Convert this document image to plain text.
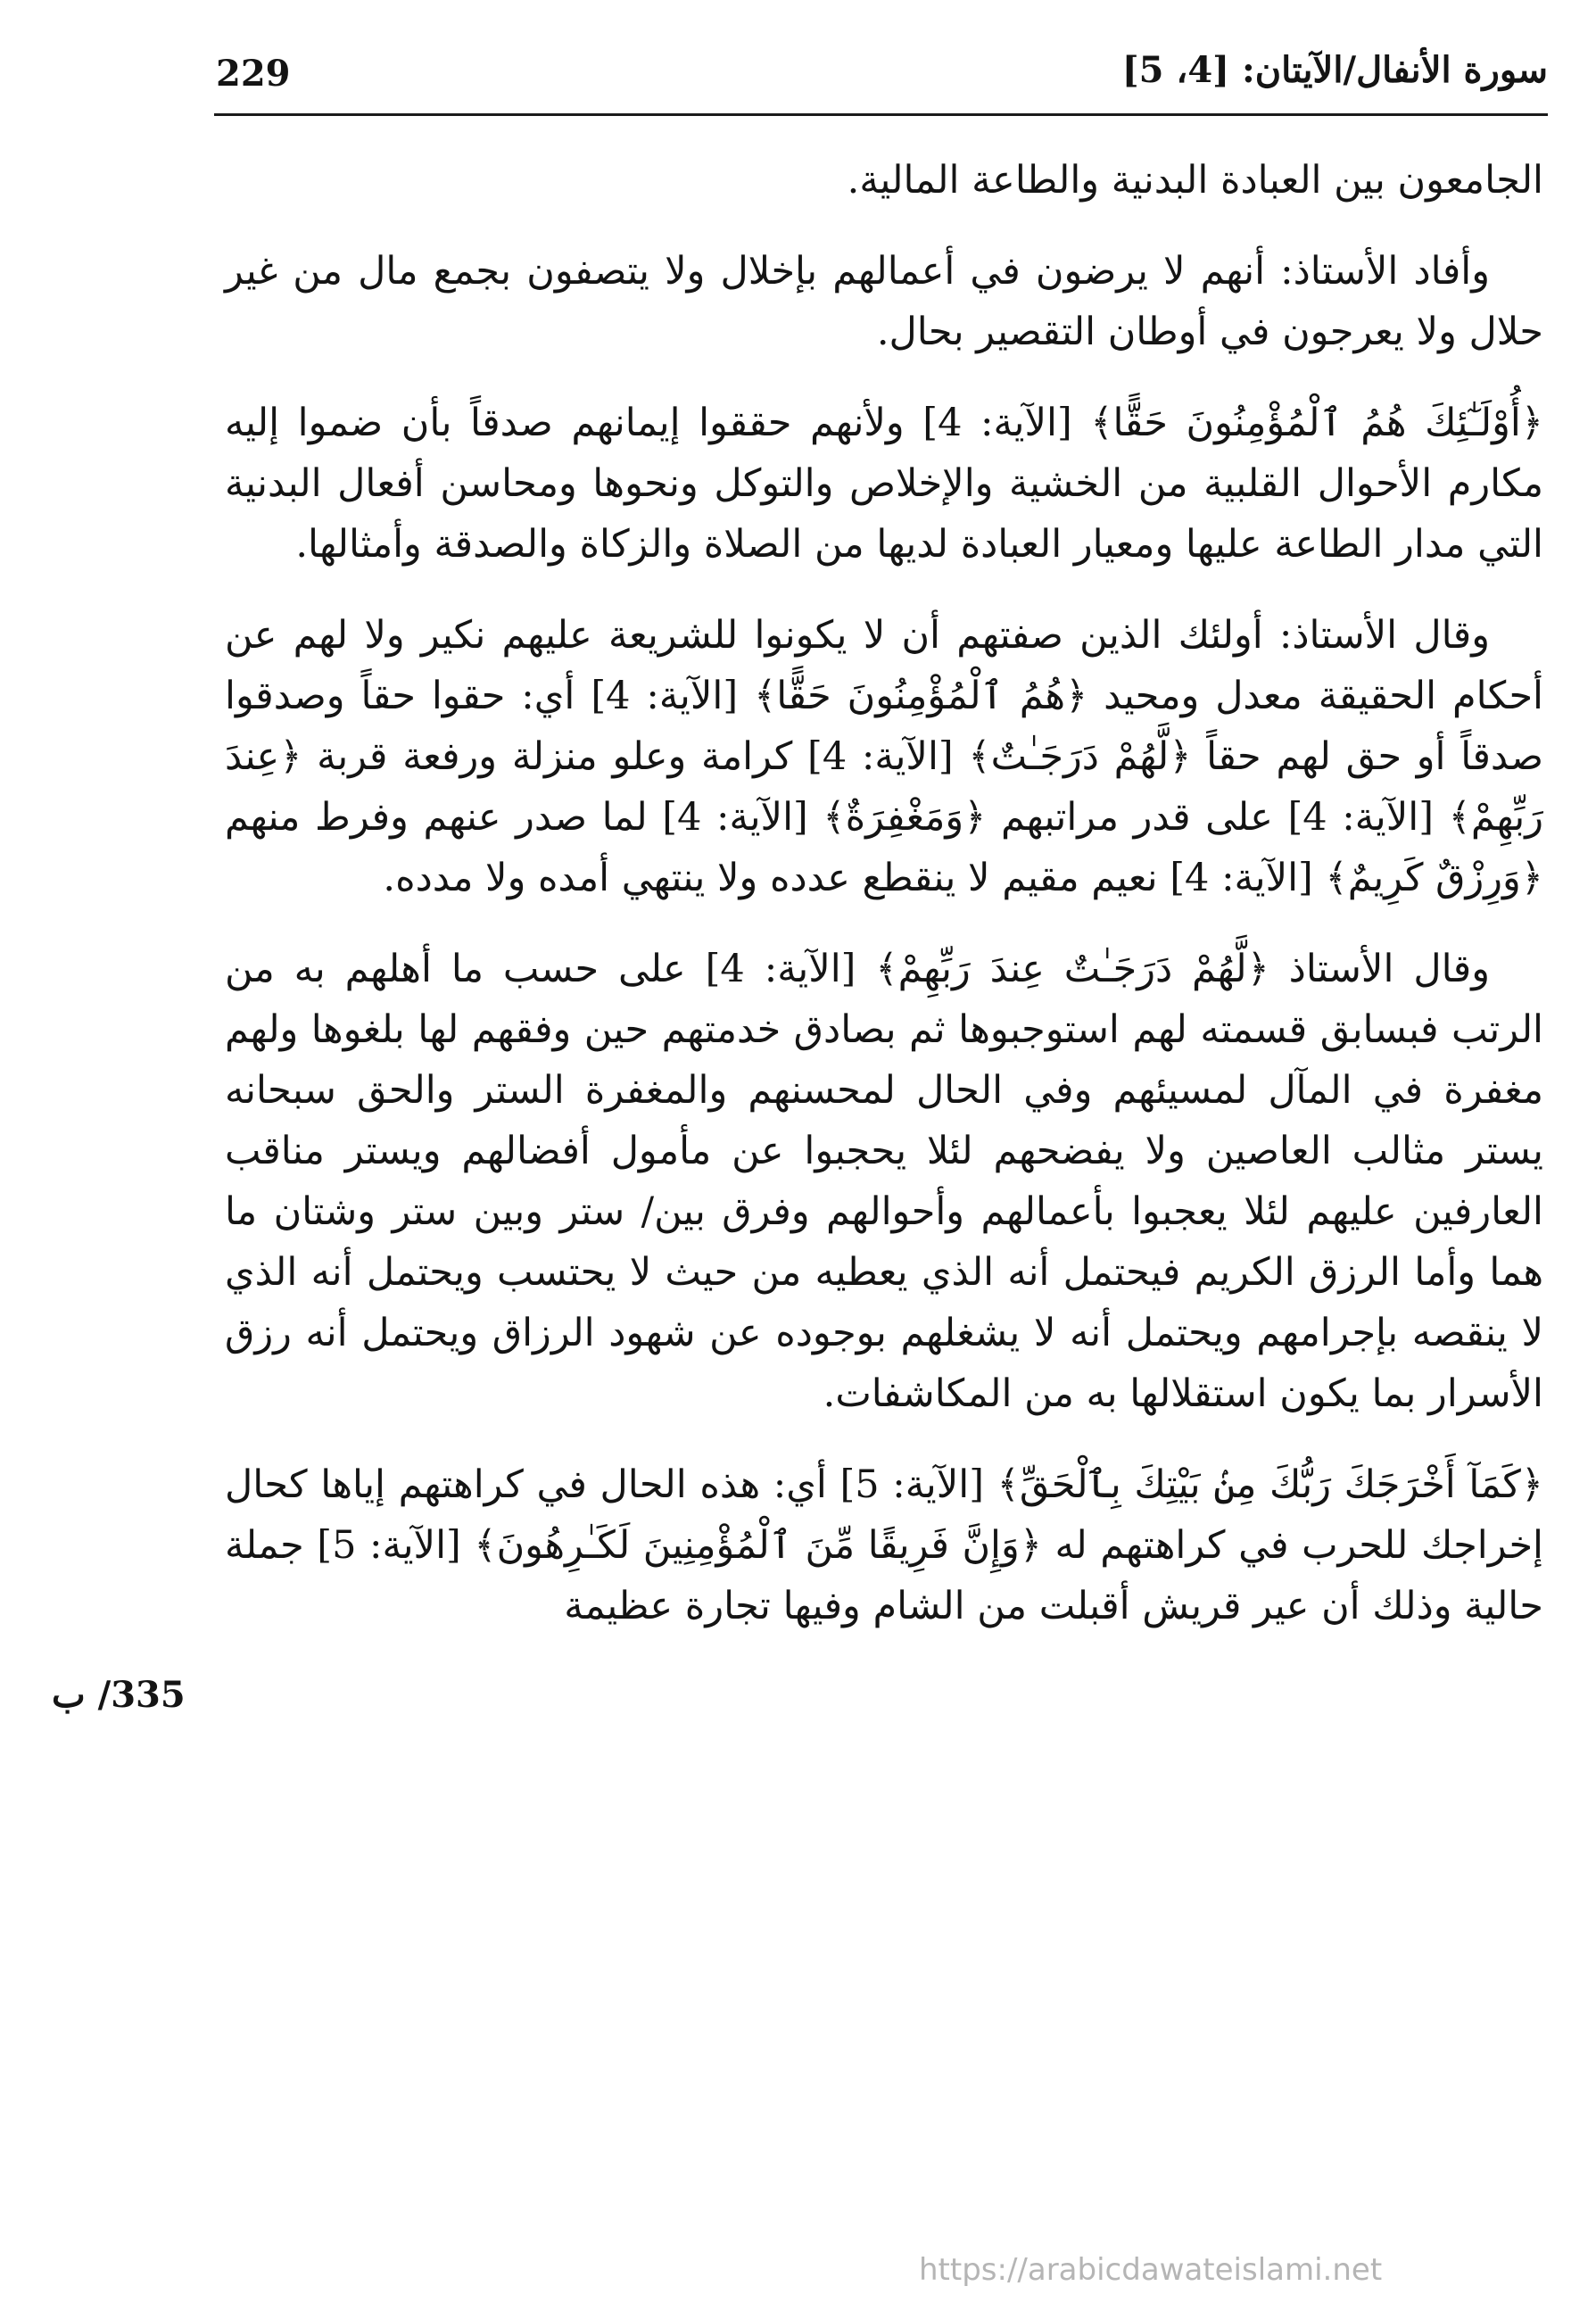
229	سورة الأنفال/الآيتان: [4، 5]

الجامعون بين العبادة البدنية والطاعة المالية.

وأفاد الأستاذ: أنهم لا يرضون في أعمالهم بإخلال ولا يتصفون بجمع مال من غير حلال ولا يعرجون في أوطان التقصير بحال.

﴿أُوْلَـٰٓئِكَ هُمُ ٱلْمُؤْمِنُونَ حَقًّا﴾ [الآية: 4] ولأنهم حققوا إيمانهم صدقاً بأن ضموا إليه مكارم الأحوال القلبية من الخشية والإخلاص والتوكل ونحوها ومحاسن أفعال البدنية التي مدار الطاعة عليها ومعيار العبادة لديها من الصلاة والزكاة والصدقة وأمثالها.

وقال الأستاذ: أولئك الذين صفتهم أن لا يكونوا للشريعة عليهم نكير ولا لهم عن أحكام الحقيقة معدل ومحيد ﴿هُمُ ٱلْمُؤْمِنُونَ حَقًّا﴾ [الآية: 4] أي: حقوا حقاً وصدقوا صدقاً أو حق لهم حقاً ﴿لَّهُمْ دَرَجَـٰتٌ﴾ [الآية: 4] كرامة وعلو منزلة ورفعة قربة ﴿عِندَ رَبِّهِمْ﴾ [الآية: 4] على قدر مراتبهم ﴿وَمَغْفِرَةٌ﴾ [الآية: 4] لما صدر عنهم وفرط منهم ﴿وَرِزْقٌ كَرِيمٌ﴾ [الآية: 4] نعيم مقيم لا ينقطع عدده ولا ينتهي أمده ولا مدده.

وقال الأستاذ ﴿لَّهُمْ دَرَجَـٰتٌ عِندَ رَبِّهِمْ﴾ [الآية: 4] على حسب ما أهلهم به من الرتب فبسابق قسمته لهم استوجبوها ثم بصادق خدمتهم حين وفقهم لها بلغوها ولهم مغفرة في المآل لمسيئهم وفي الحال لمحسنهم والمغفرة الستر والحق سبحانه يستر مثالب العاصين ولا يفضحهم لئلا يحجبوا عن مأمول أفضالهم ويستر مناقب العارفين عليهم لئلا يعجبوا بأعمالهم وأحوالهم وفرق بين/ ستر وبين ستر وشتان ما هما وأما الرزق الكريم فيحتمل أنه الذي يعطيه من حيث لا يحتسب ويحتمل أنه الذي لا ينقصه بإجرامهم ويحتمل أنه لا يشغلهم بوجوده عن شهود الرزاق ويحتمل أنه رزق الأسرار بما يكون استقلالها به من المكاشفات.

﴿كَمَآ أَخْرَجَكَ رَبُّكَ مِنۢ بَيْتِكَ بِٱلْحَقِّ﴾ [الآية: 5] أي: هذه الحال في كراهتهم إياها كحال إخراجك للحرب في كراهتهم له ﴿وَإِنَّ فَرِيقًا مِّنَ ٱلْمُؤْمِنِينَ لَكَـٰرِهُونَ﴾ [الآية: 5] جملة حالية وذلك أن عير قريش أقبلت من الشام وفيها تجارة عظيمة

335/ ب
https://arabicdawateislami.net
